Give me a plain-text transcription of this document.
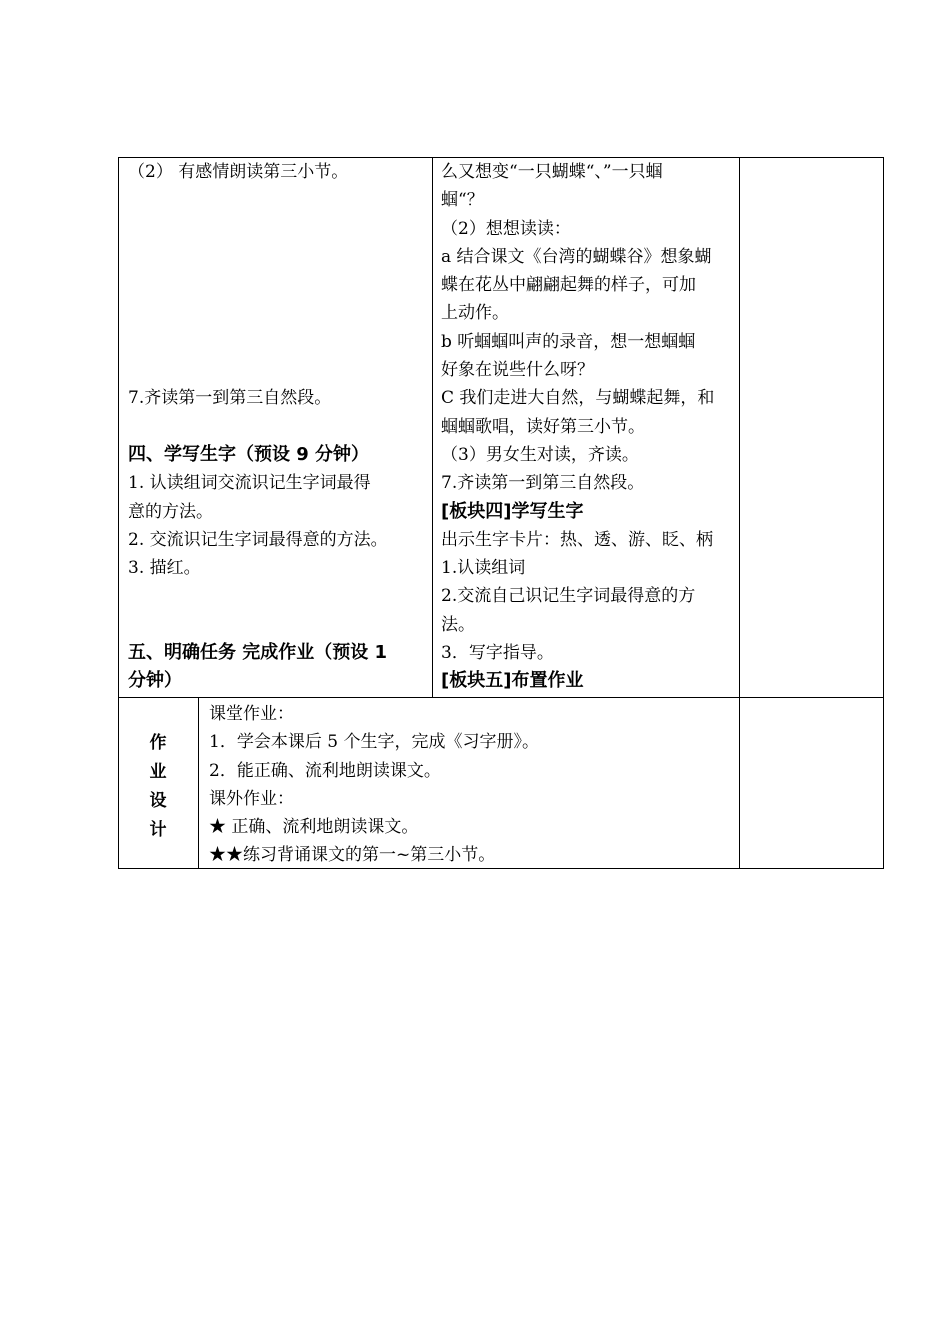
（2） 有感情朗读第三小节。
7.齐读第一到第三自然段。
四、学写生字（预设 9 分钟）
1. 认读组词交流识记生字词最得
意的方法。
2. 交流识记生字词最得意的方法。
3. 描红。
五、明确任务 完成作业（预设 1
分钟）
么又想变“一只蝴蝶“、”一只蝈
蝈“？
（2）想想读读：
a 结合课文《台湾的蝴蝶谷》想象蝴
蝶在花丛中翩翩起舞的样子，可加
上动作。
b 听蝈蝈叫声的录音，想一想蝈蝈
好象在说些什么呀？
C 我们走进大自然，与蝴蝶起舞，和
蝈蝈歌唱，读好第三小节。
（3）男女生对读，齐读。
7.齐读第一到第三自然段。
[板块四]学写生字
出示生字卡片：热、透、游、眨、柄
1.认读组词
2.交流自己识记生字词最得意的方
法。
3．写字指导。
[板块五]布置作业
作
业
设
计
课堂作业：
1．学会本课后 5 个生字，完成《习字册》。
2．能正确、流利地朗读课文。
课外作业：
★ 正确、流利地朗读课文。
★★练习背诵课文的第一~第三小节。
